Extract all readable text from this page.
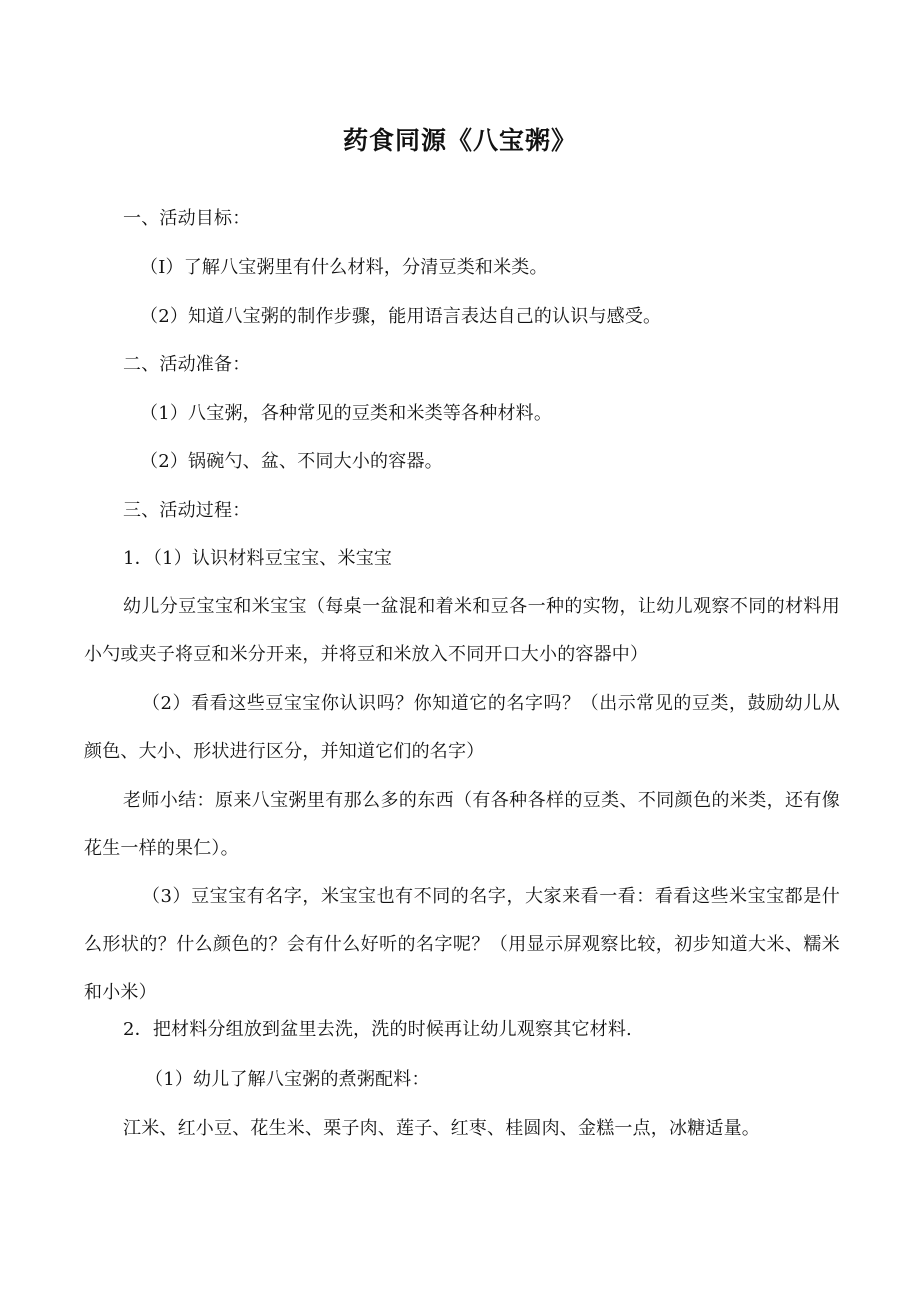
药食同源《八宝粥》
一、活动目标：
（I）了解八宝粥里有什么材料，分清豆类和米类。
（2）知道八宝粥的制作步骤，能用语言表达自己的认识与感受。
二、活动准备：
（1）八宝粥，各种常见的豆类和米类等各种材料。
（2）锅碗勺、盆、不同大小的容器。
三、活动过程：
1．（1）认识材料豆宝宝、米宝宝
幼儿分豆宝宝和米宝宝（每桌一盆混和着米和豆各一种的实物，让幼儿观察不同的材料用小勺或夹子将豆和米分开来，并将豆和米放入不同开口大小的容器中）
（2）看看这些豆宝宝你认识吗？你知道它的名字吗？（出示常见的豆类，鼓励幼儿从颜色、大小、形状进行区分，并知道它们的名字）
老师小结：原来八宝粥里有那么多的东西（有各种各样的豆类、不同颜色的米类，还有像花生一样的果仁）。
（3）豆宝宝有名字，米宝宝也有不同的名字，大家来看一看：看看这些米宝宝都是什么形状的？什么颜色的？会有什么好听的名字呢？（用显示屏观察比较，初步知道大米、糯米和小米）
2．把材料分组放到盆里去洗，洗的时候再让幼儿观察其它材料.
（1）幼儿了解八宝粥的煮粥配料：
江米、红小豆、花生米、栗子肉、莲子、红枣、桂圆肉、金糕一点，冰糖适量。
